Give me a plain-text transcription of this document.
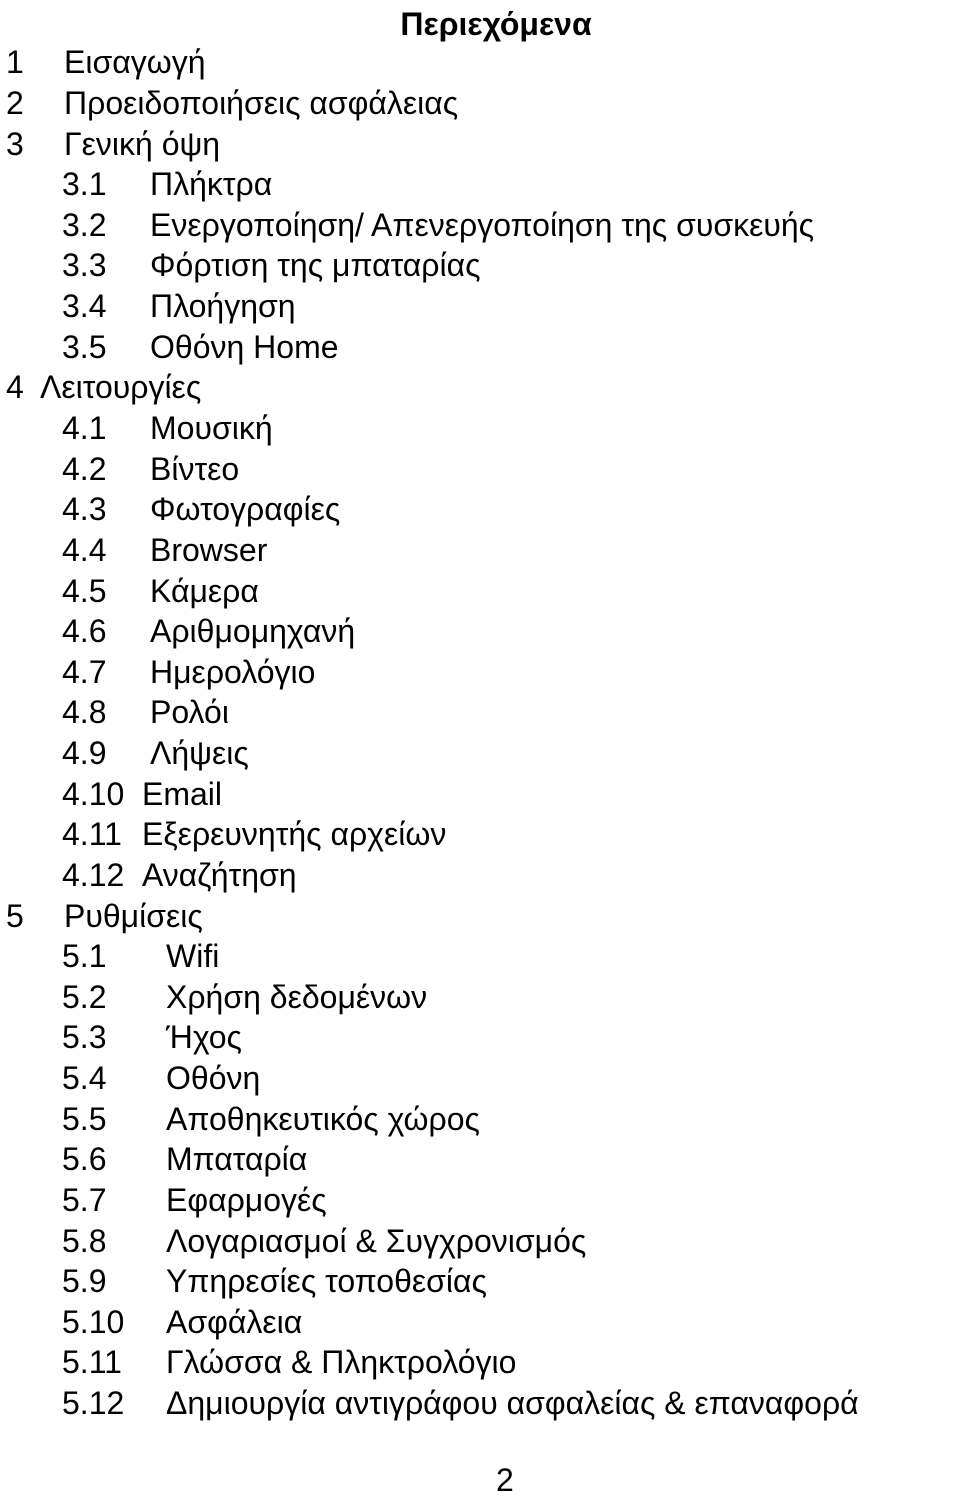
Περιεχόμενα
1 Εισαγωγή
2 Προειδοποιήσεις ασφάλειας
3 Γενική όψη
3.1 Πλήκτρα
3.2 Ενεργοποίηση/ Απενεργοποίηση της συσκευής
3.3 Φόρτιση της μπαταρίας
3.4 Πλοήγηση
3.5 Οθόνη Home
4 Λειτουργίες
4.1 Μουσική
4.2 Βίντεο
4.3 Φωτογραφίες
4.4 Browser
4.5 Κάμερα
4.6 Αριθμομηχανή
4.7 Ημερολόγιο
4.8 Ρολόι
4.9 Λήψεις
4.10 Email
4.11 Εξερευνητής αρχείων
4.12 Αναζήτηση
5 Ρυθμίσεις
5.1 Wifi
5.2 Χρήση δεδομένων
5.3 Ήχος
5.4 Οθόνη
5.5 Αποθηκευτικός χώρος
5.6 Μπαταρία
5.7 Εφαρμογές
5.8 Λογαριασμοί & Συγχρονισμός
5.9 Υπηρεσίες τοποθεσίας
5.10 Ασφάλεια
5.11 Γλώσσα & Πληκτρολόγιο
5.12 Δημιουργία αντιγράφου ασφαλείας & επαναφορά
2
